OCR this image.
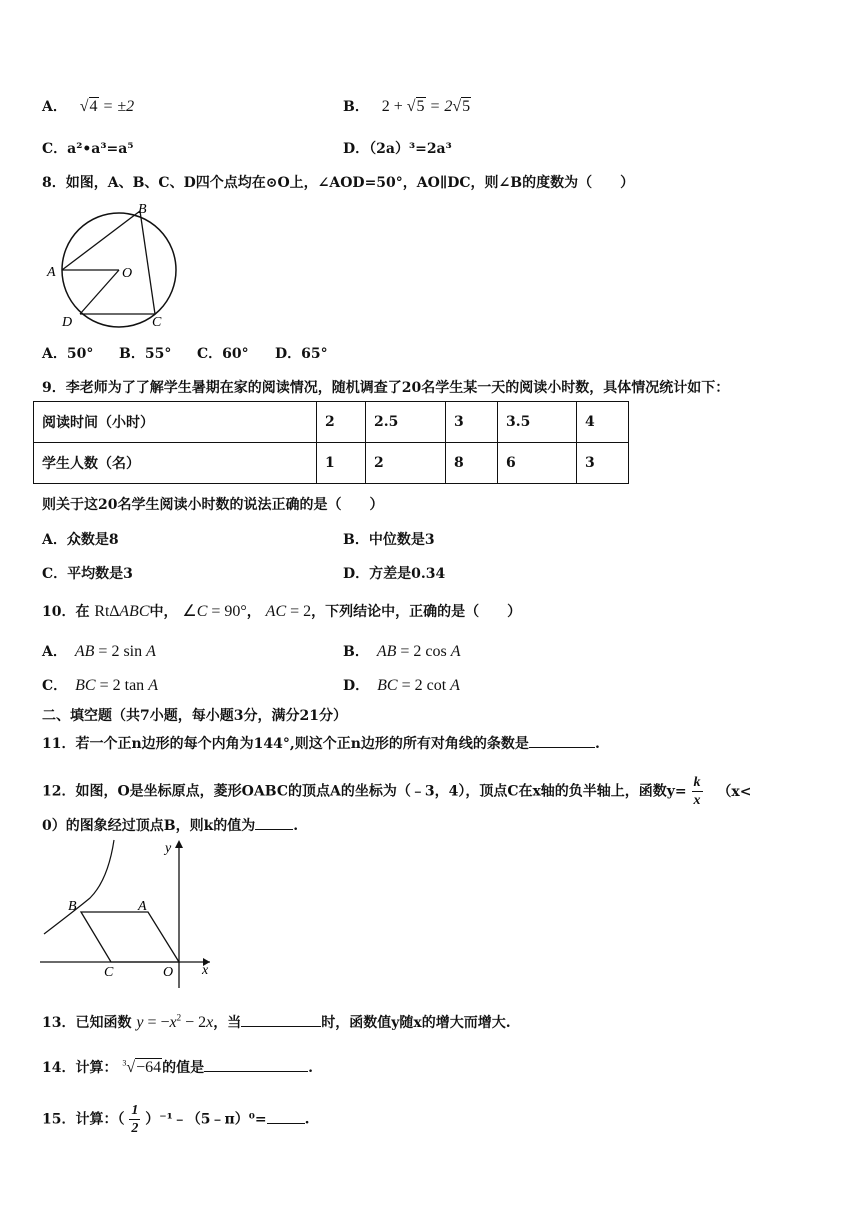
A． √4 = ±2	B． 2 + √5 = 2√5
C．a²•a³=a⁵	D．（2a）³=2a³
8．如图，A、B、C、D四个点均在⊙O上，∠AOD=50°，AO∥DC，则∠B的度数为（　　）
A
B
O
D	C
A．50° B．55° C．60° D．65°
9．李老师为了了解学生暑期在家的阅读情况，随机调查了20名学生某一天的阅读小时数，具体情况统计如下：
阅读时间（小时）	2	2.5	3	3.5	4
学生人数（名）	1	2	8	6	3
则关于这20名学生阅读小时数的说法正确的是（　　）
A．众数是8	B．中位数是3
C．平均数是3	D．方差是0.34
10．在 Rt∆ABC中， ∠C = 90°， AC = 2，下列结论中，正确的是（　　）
A． AB = 2 sin A	B． AB = 2 cos A
C． BC = 2 tan A	D． BC = 2 cot A
二、填空题（共7小题，每小题3分，满分21分）
11．若一个正n边形的每个内角为144°,则这个正n边形的所有对角线的条数是	.
12．如图，O是坐标原点，菱形OABC的顶点A的坐标为（﹣3，4），顶点C在x轴的负半轴上，函数$y= \frac{k}{x} (x<$
0）的图象经过顶点B，则k的值为	.
B	A
C	O x
y
13．已知函数 $y = -x^2 - 2x$，当	时，函数值y随x的增大而增大.
14．计算： $^3$√−64的值是	.
15．计算：（ $\frac{1}{2}$ ）⁻¹﹣（5﹣π）⁰=	.
